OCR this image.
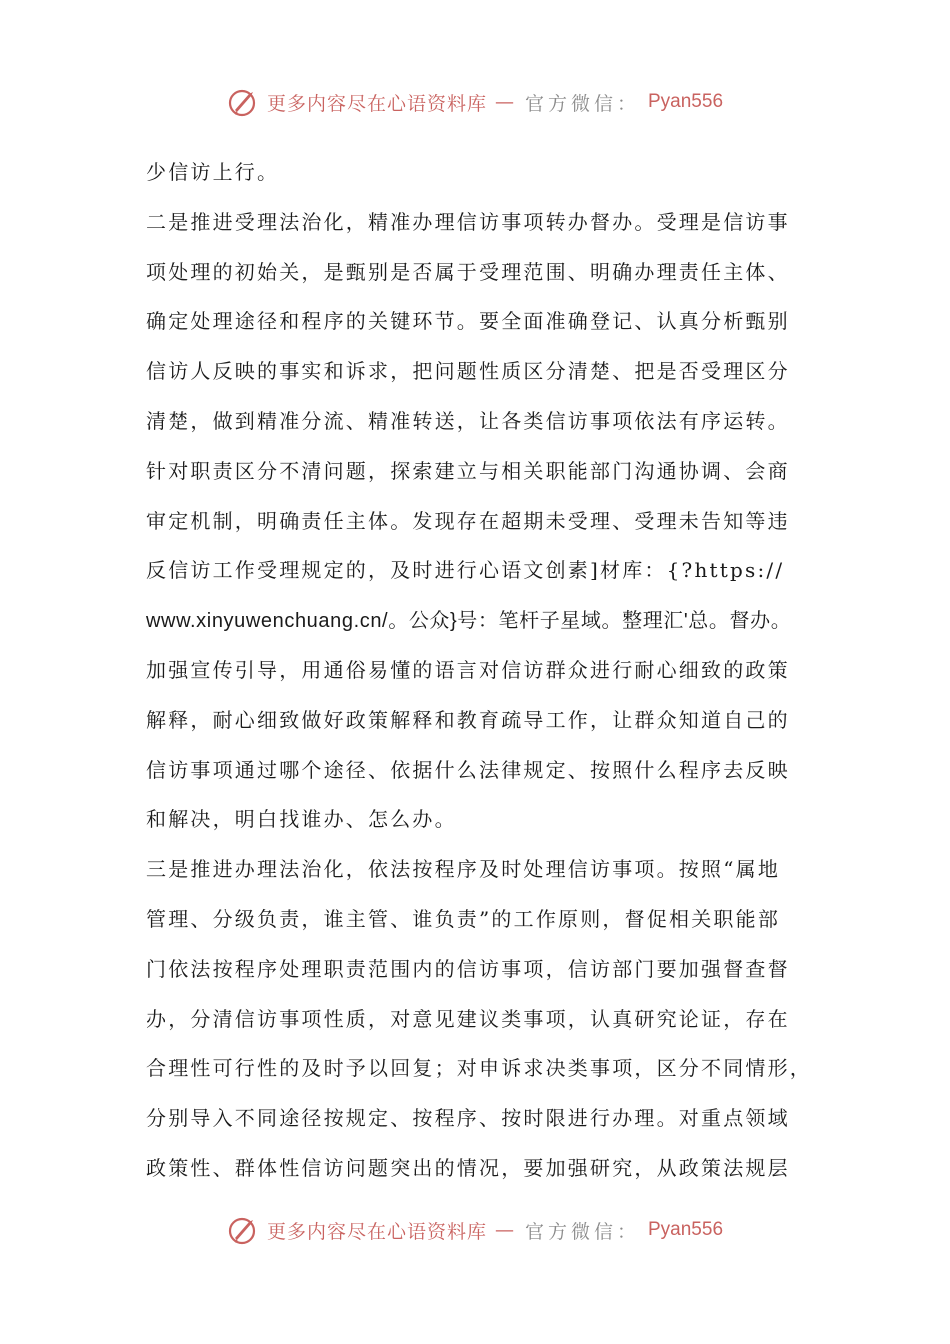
更多内容尽在心语资料库 — 官方微信： Pyan556
少信访上行。
二是推进受理法治化，精准办理信访事项转办督办。受理是信访事
项处理的初始关，是甄别是否属于受理范围、明确办理责任主体、
确定处理途径和程序的关键环节。要全面准确登记、认真分析甄别
信访人反映的事实和诉求，把问题性质区分清楚、把是否受理区分
清楚，做到精准分流、精准转送，让各类信访事项依法有序运转。
针对职责区分不清问题，探索建立与相关职能部门沟通协调、会商
审定机制，明确责任主体。发现存在超期未受理、受理未告知等违
反信访工作受理规定的，及时进行心语文创素]材库：{?https://
www.xinyuwenchuang.cn/。公众}号：笔杆子星域。整理汇'总。督办。
加强宣传引导，用通俗易懂的语言对信访群众进行耐心细致的政策
解释，耐心细致做好政策解释和教育疏导工作，让群众知道自己的
信访事项通过哪个途径、依据什么法律规定、按照什么程序去反映
和解决，明白找谁办、怎么办。
三是推进办理法治化，依法按程序及时处理信访事项。按照“属地
管理、分级负责，谁主管、谁负责”的工作原则，督促相关职能部
门依法按程序处理职责范围内的信访事项，信访部门要加强督查督
办，分清信访事项性质，对意见建议类事项，认真研究论证，存在
合理性可行性的及时予以回复；对申诉求决类事项，区分不同情形，
分别导入不同途径按规定、按程序、按时限进行办理。对重点领域
政策性、群体性信访问题突出的情况，要加强研究，从政策法规层
更多内容尽在心语资料库 — 官方微信： Pyan556
